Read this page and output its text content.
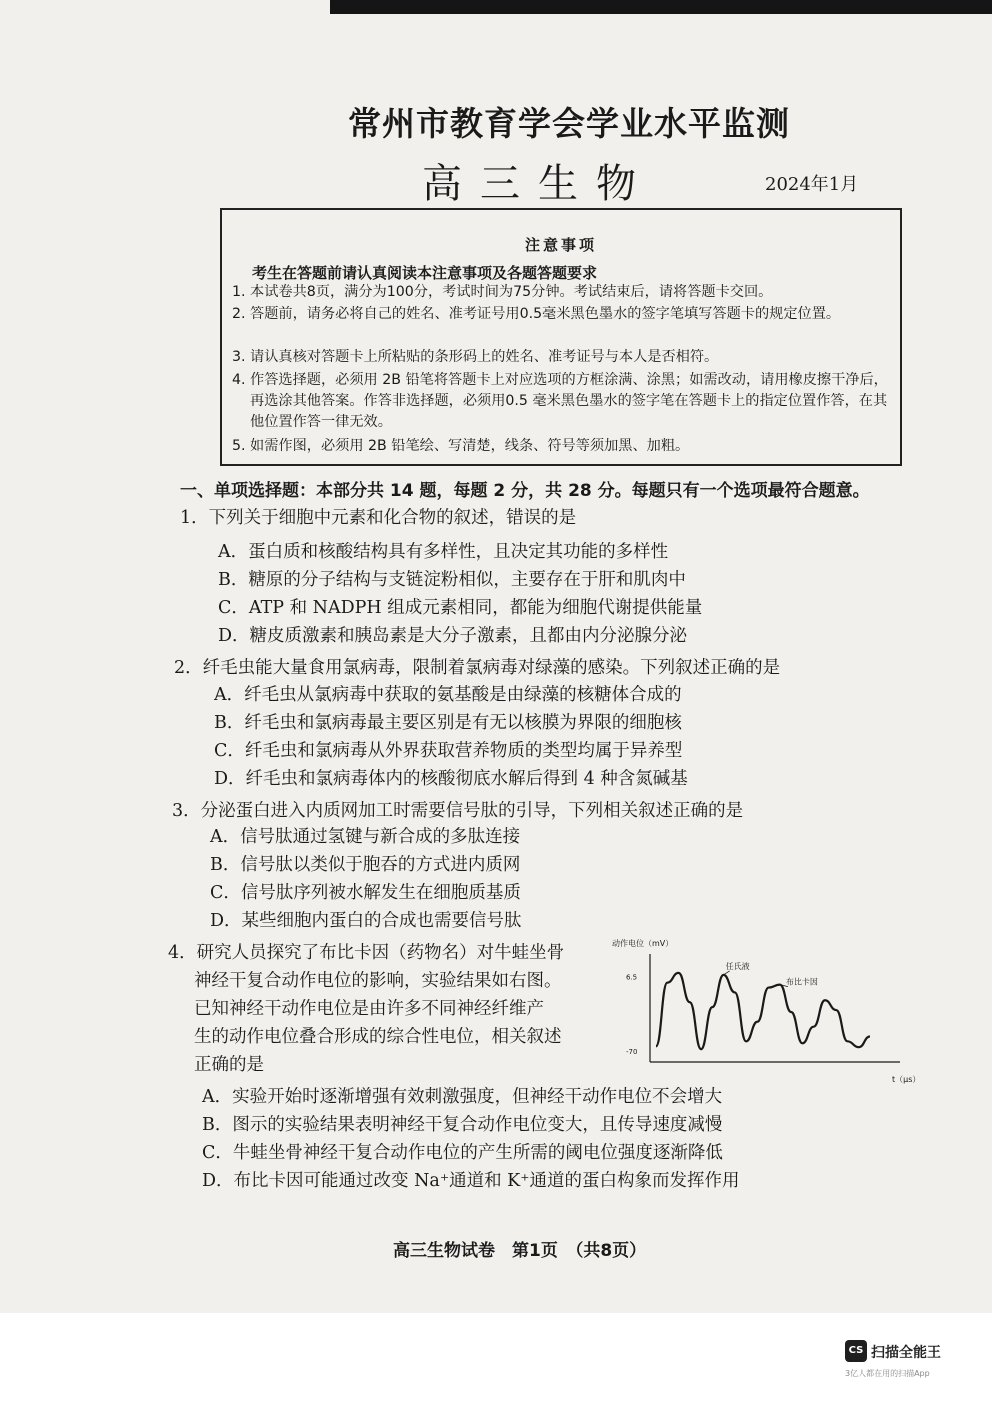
常州市教育学会学业水平监测
高三生物	2024年1月
注意事项
考生在答题前请认真阅读本注意事项及各题答题要求
1. 本试卷共8页，满分为100分，考试时间为75分钟。考试结束后，请将答题卡交回。
2. 答题前，请务必将自己的姓名、准考证号用0.5毫米黑色墨水的签字笔填写答题卡的规定位置。
3. 请认真核对答题卡上所粘贴的条形码上的姓名、准考证号与本人是否相符。
4. 作答选择题，必须用 2B 铅笔将答题卡上对应选项的方框涂满、涂黑；如需改动，请用橡皮擦干净后，再选涂其他答案。作答非选择题，必须用0.5 毫米黑色墨水的签字笔在答题卡上的指定位置作答，在其他位置作答一律无效。
5. 如需作图，必须用 2B 铅笔绘、写清楚，线条、符号等须加黑、加粗。
一、单项选择题：本部分共 14 题，每题 2 分，共 28 分。每题只有一个选项最符合题意。
1．下列关于细胞中元素和化合物的叙述，错误的是
A．蛋白质和核酸结构具有多样性，且决定其功能的多样性
B．糖原的分子结构与支链淀粉相似，主要存在于肝和肌肉中
C．ATP 和 NADPH 组成元素相同，都能为细胞代谢提供能量
D．糖皮质激素和胰岛素是大分子激素，且都由内分泌腺分泌
2．纤毛虫能大量食用氯病毒，限制着氯病毒对绿藻的感染。下列叙述正确的是
A．纤毛虫从氯病毒中获取的氨基酸是由绿藻的核糖体合成的
B．纤毛虫和氯病毒最主要区别是有无以核膜为界限的细胞核
C．纤毛虫和氯病毒从外界获取营养物质的类型均属于异养型
D．纤毛虫和氯病毒体内的核酸彻底水解后得到 4 种含氮碱基
3．分泌蛋白进入内质网加工时需要信号肽的引导，下列相关叙述正确的是
A．信号肽通过氢键与新合成的多肽连接
B．信号肽以类似于胞吞的方式进内质网
C．信号肽序列被水解发生在细胞质基质
D．某些细胞内蛋白的合成也需要信号肽
4．研究人员探究了布比卡因（药物名）对牛蛙坐骨
神经干复合动作电位的影响，实验结果如右图。
已知神经干动作电位是由许多不同神经纤维产
生的动作电位叠合形成的综合性电位，相关叙述
正确的是
动作电位（mV）
t（μs）
6.5
-70
任氏液
布比卡因
A．实验开始时逐渐增强有效刺激强度，但神经干动作电位不会增大
B．图示的实验结果表明神经干复合动作电位变大，且传导速度减慢
C．牛蛙坐骨神经干复合动作电位的产生所需的阈电位强度逐渐降低
D．布比卡因可能通过改变 Na⁺通道和 K⁺通道的蛋白构象而发挥作用
高三生物试卷　第1页　（共8页）
CS 扫描全能王
3亿人都在用的扫描App
